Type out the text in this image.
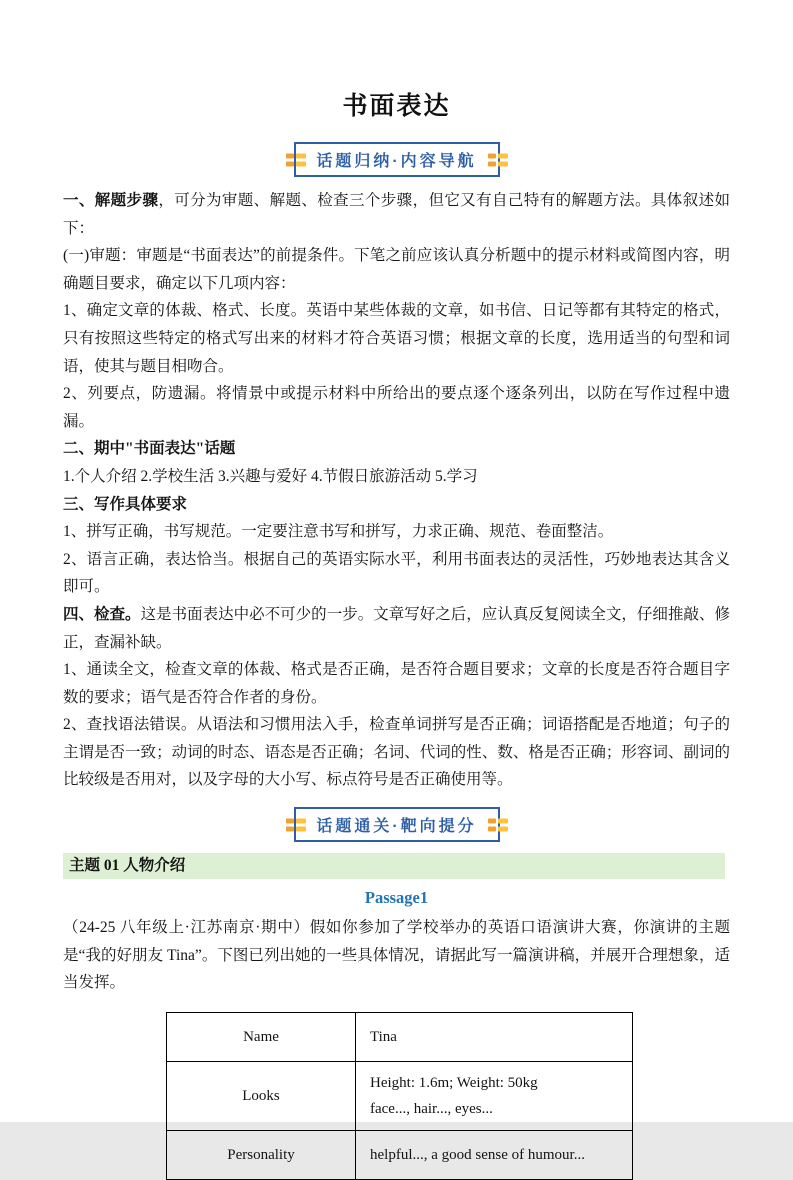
书面表达
话题归纳·内容导航

一、解题步骤，可分为审题、解题、检查三个步骤，但它又有自己特有的解题方法。具体叙述如下：

(一)审题：审题是“书面表达”的前提条件。下笔之前应该认真分析题中的提示材料或简图内容，明确题目要求，确定以下几项内容：

1、确定文章的体裁、格式、长度。英语中某些体裁的文章，如书信、日记等都有其特定的格式，只有按照这些特定的格式写出来的材料才符合英语习惯；根据文章的长度，选用适当的句型和词语，使其与题目相吻合。

2、列要点，防遗漏。将情景中或提示材料中所给出的要点逐个逐条列出，以防在写作过程中遗漏。

二、期中"书面表达"话题

1.个人介绍 2.学校生活 3.兴趣与爱好 4.节假日旅游活动 5.学习

三、写作具体要求

1、拼写正确，书写规范。一定要注意书写和拼写，力求正确、规范、卷面整洁。

2、语言正确，表达恰当。根据自己的英语实际水平，利用书面表达的灵活性，巧妙地表达其含义即可。

四、检查。这是书面表达中必不可少的一步。文章写好之后，应认真反复阅读全文，仔细推敲、修正，查漏补缺。

1、通读全文，检查文章的体裁、格式是否正确，是否符合题目要求；文章的长度是否符合题目字数的要求；语气是否符合作者的身份。

2、查找语法错误。从语法和习惯用法入手，检查单词拼写是否正确；词语搭配是否地道；句子的主谓是否一致；动词的时态、语态是否正确；名词、代词的性、数、格是否正确；形容词、副词的比较级是否用对，以及字母的大小写、标点符号是否正确使用等。

话题通关·靶向提分
主题 01 人物介绍
Passage1

（24-25 八年级上·江苏南京·期中）假如你参加了学校举办的英语口语演讲大赛，你演讲的主题是“我的好朋友 Tina”。下图已列出她的一些具体情况，请据此写一篇演讲稿，并展开合理想象，适当发挥。

Name	Tina

Looks	Height: 1.6m; Weight: 50kg
face..., hair..., eyes...

Personality	helpful..., a good sense of humour...
